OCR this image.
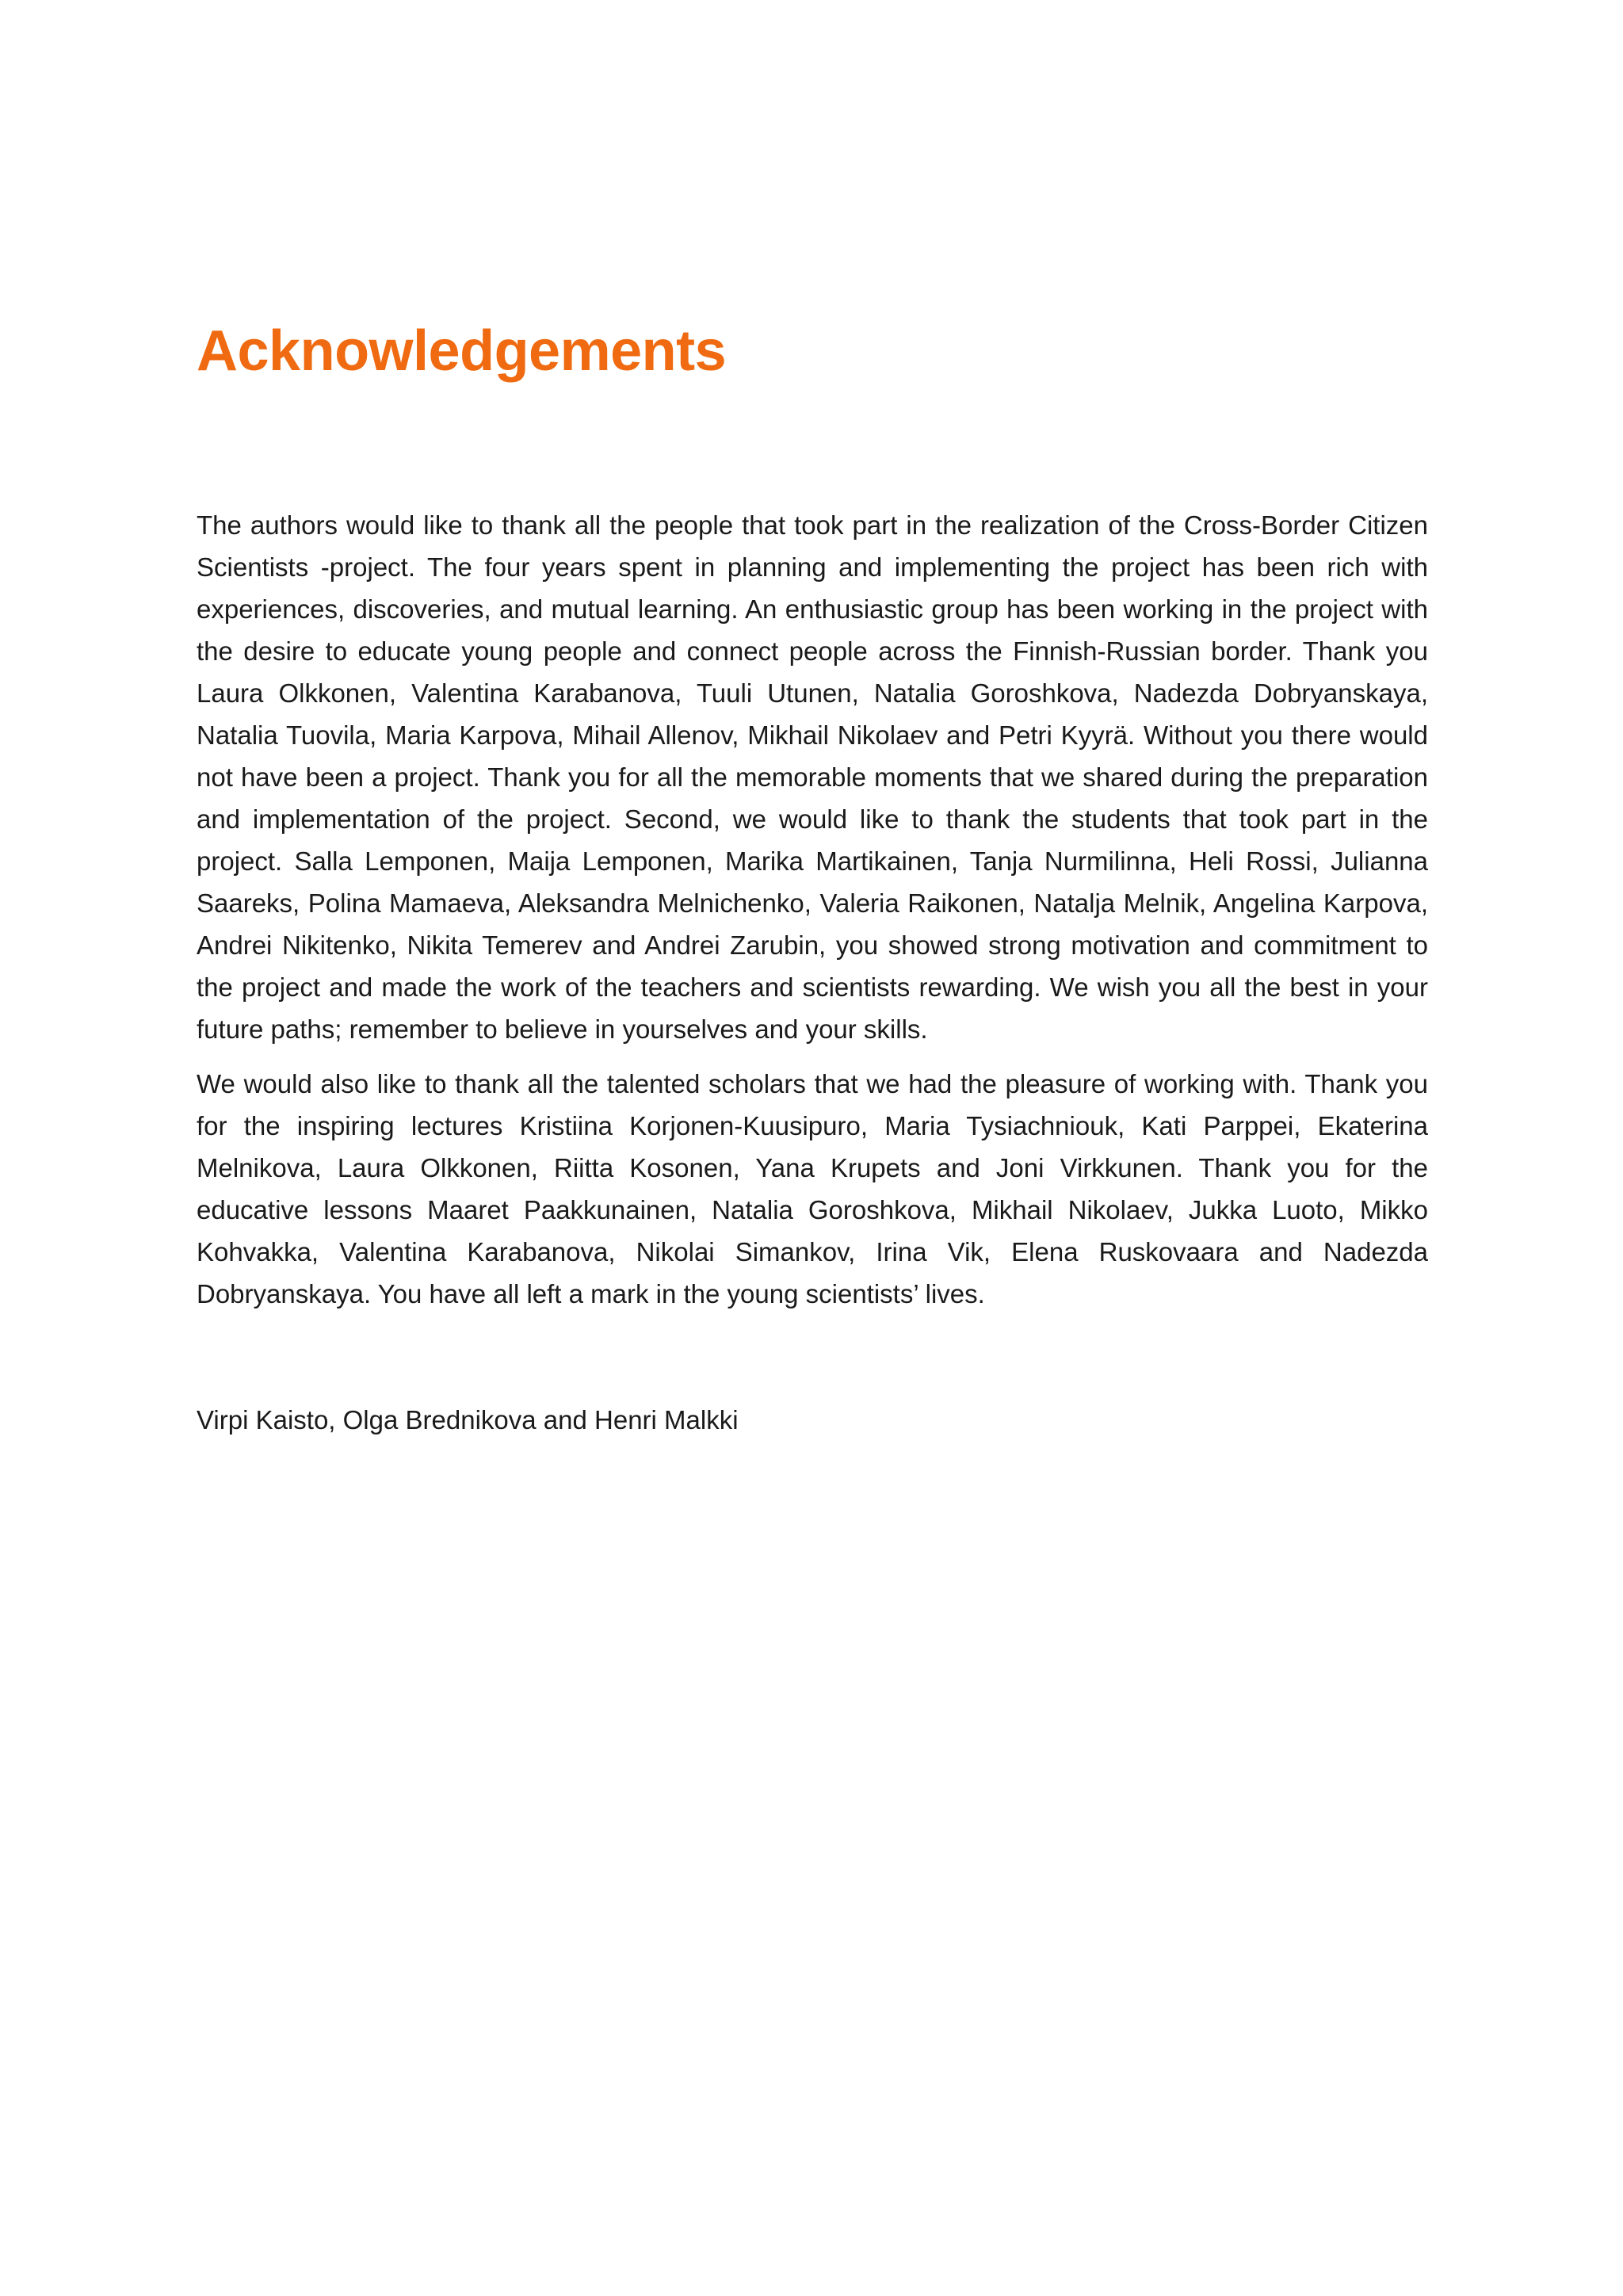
Acknowledgements

The authors would like to thank all the people that took part in the realization of the Cross-Border Citizen Scientists -project. The four years spent in planning and implementing the project has been rich with experiences, discoveries, and mutual learning. An enthusiastic group has been working in the project with the desire to educate young people and connect people across the Finnish-Russian border. Thank you Laura Olkkonen, Valentina Karabanova, Tuuli Utunen, Natalia Goroshkova, Nadezda Dobryanskaya, Natalia Tuovila, Maria Karpova, Mihail Allenov, Mikhail Nikolaev and Petri Kyyrä. Without you there would not have been a project. Thank you for all the memorable moments that we shared during the preparation and implementation of the project. Second, we would like to thank the students that took part in the project. Salla Lemponen, Maija Lemponen, Marika Martikainen, Tanja Nurmilinna, Heli Rossi, Julianna Saareks, Polina Mamaeva, Aleksandra Melnichenko, Valeria Raikonen, Natalja Melnik, Angelina Karpova, Andrei Nikitenko, Nikita Temerev and Andrei Zarubin, you showed strong motivation and commitment to the project and made the work of the teachers and scientists rewarding. We wish you all the best in your future paths; remember to believe in yourselves and your skills.

We would also like to thank all the talented scholars that we had the pleasure of working with. Thank you for the inspiring lectures Kristiina Korjonen-Kuusipuro, Maria Tysiachniouk, Kati Parppei, Ekaterina Melnikova, Laura Olkkonen, Riitta Kosonen, Yana Krupets and Joni Virkkunen. Thank you for the educative lessons Maaret Paakkunainen, Natalia Goroshkova, Mikhail Nikolaev, Jukka Luoto, Mikko Kohvakka, Valentina Karabanova, Nikolai Simankov, Irina Vik, Elena Ruskovaara and Nadezda Dobryanskaya. You have all left a mark in the young scientists’ lives.

Virpi Kaisto, Olga Brednikova and Henri Malkki
